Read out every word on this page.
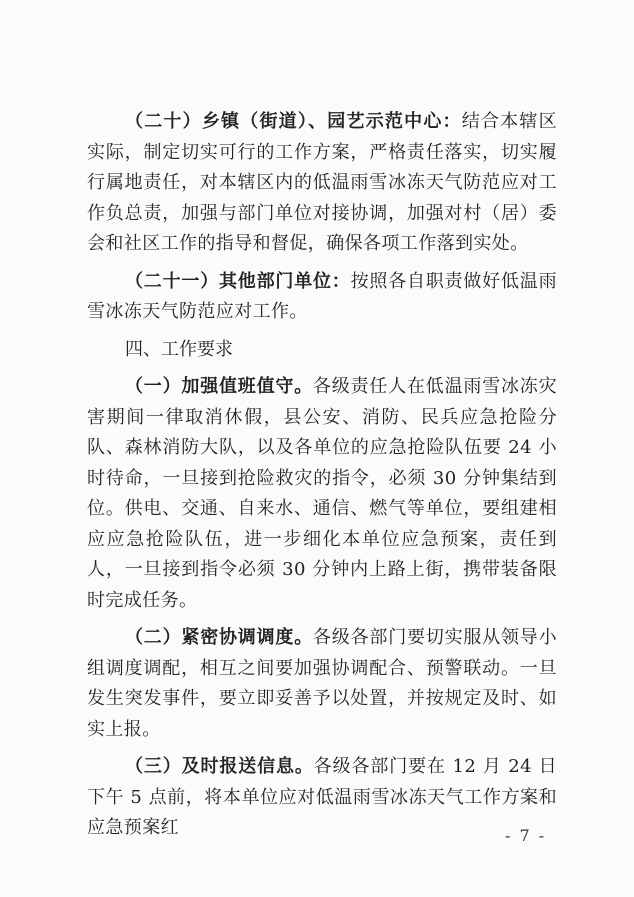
（二十）乡镇（街道）、园艺示范中心：结合本辖区实际，制定切实可行的工作方案，严格责任落实，切实履行属地责任，对本辖区内的低温雨雪冰冻天气防范应对工作负总责，加强与部门单位对接协调，加强对村（居）委会和社区工作的指导和督促，确保各项工作落到实处。

（二十一）其他部门单位：按照各自职责做好低温雨雪冰冻天气防范应对工作。

四、工作要求

（一）加强值班值守。各级责任人在低温雨雪冰冻灾害期间一律取消休假，县公安、消防、民兵应急抢险分队、森林消防大队，以及各单位的应急抢险队伍要 24 小时待命，一旦接到抢险救灾的指令，必须 30 分钟集结到位。供电、交通、自来水、通信、燃气等单位，要组建相应应急抢险队伍，进一步细化本单位应急预案，责任到人，一旦接到指令必须 30 分钟内上路上街，携带装备限时完成任务。

（二）紧密协调调度。各级各部门要切实服从领导小组调度调配，相互之间要加强协调配合、预警联动。一旦发生突发事件，要立即妥善予以处置，并按规定及时、如实上报。

（三）及时报送信息。各级各部门要在 12 月 24 日下午 5 点前，将本单位应对低温雨雪冰冻天气工作方案和应急预案红	- 7 -
